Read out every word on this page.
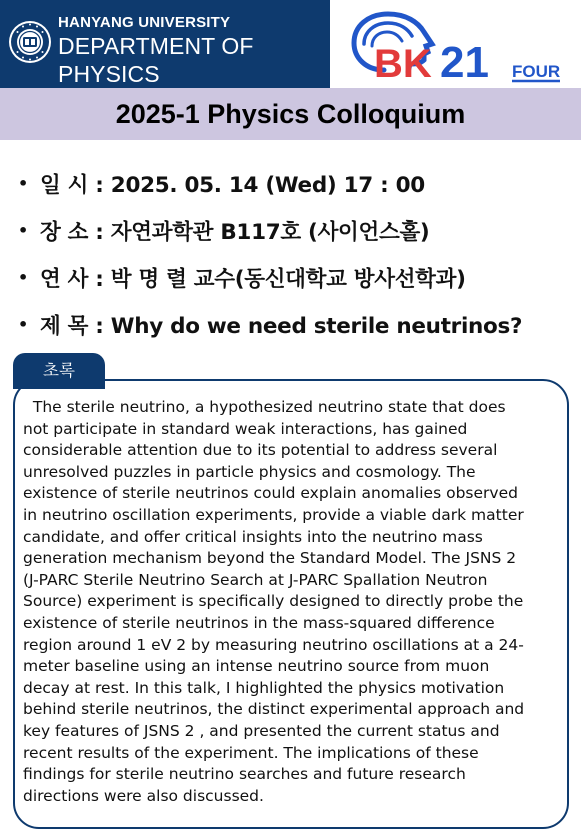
HANYANG UNIVERSITY
DEPARTMENT OF PHYSICS	BK 21 FOUR
2025-1 Physics Colloquium
• 일 시 : 2025. 05. 14 (Wed) 17 : 00
• 장 소 : 자연과학관 B117호 (사이언스홀)
• 연 사 : 박 명 렬 교수(동신대학교 방사선학과)
• 제 목 : Why do we need sterile neutrinos?
The sterile neutrino, a hypothesized neutrino state that does
not participate in standard weak interactions, has gained
considerable attention due to its potential to address several
unresolved puzzles in particle physics and cosmology. The
existence of sterile neutrinos could explain anomalies observed
in neutrino oscillation experiments, provide a viable dark matter
candidate, and offer critical insights into the neutrino mass
generation mechanism beyond the Standard Model. The JSNS 2
(J-PARC Sterile Neutrino Search at J-PARC Spallation Neutron
Source) experiment is specifically designed to directly probe the
existence of sterile neutrinos in the mass-squared difference
region around 1 eV 2 by measuring neutrino oscillations at a 24-
meter baseline using an intense neutrino source from muon
decay at rest. In this talk, I highlighted the physics motivation
behind sterile neutrinos, the distinct experimental approach and
key features of JSNS 2 , and presented the current status and
recent results of the experiment. The implications of these
findings for sterile neutrino searches and future research
directions were also discussed.
초록
